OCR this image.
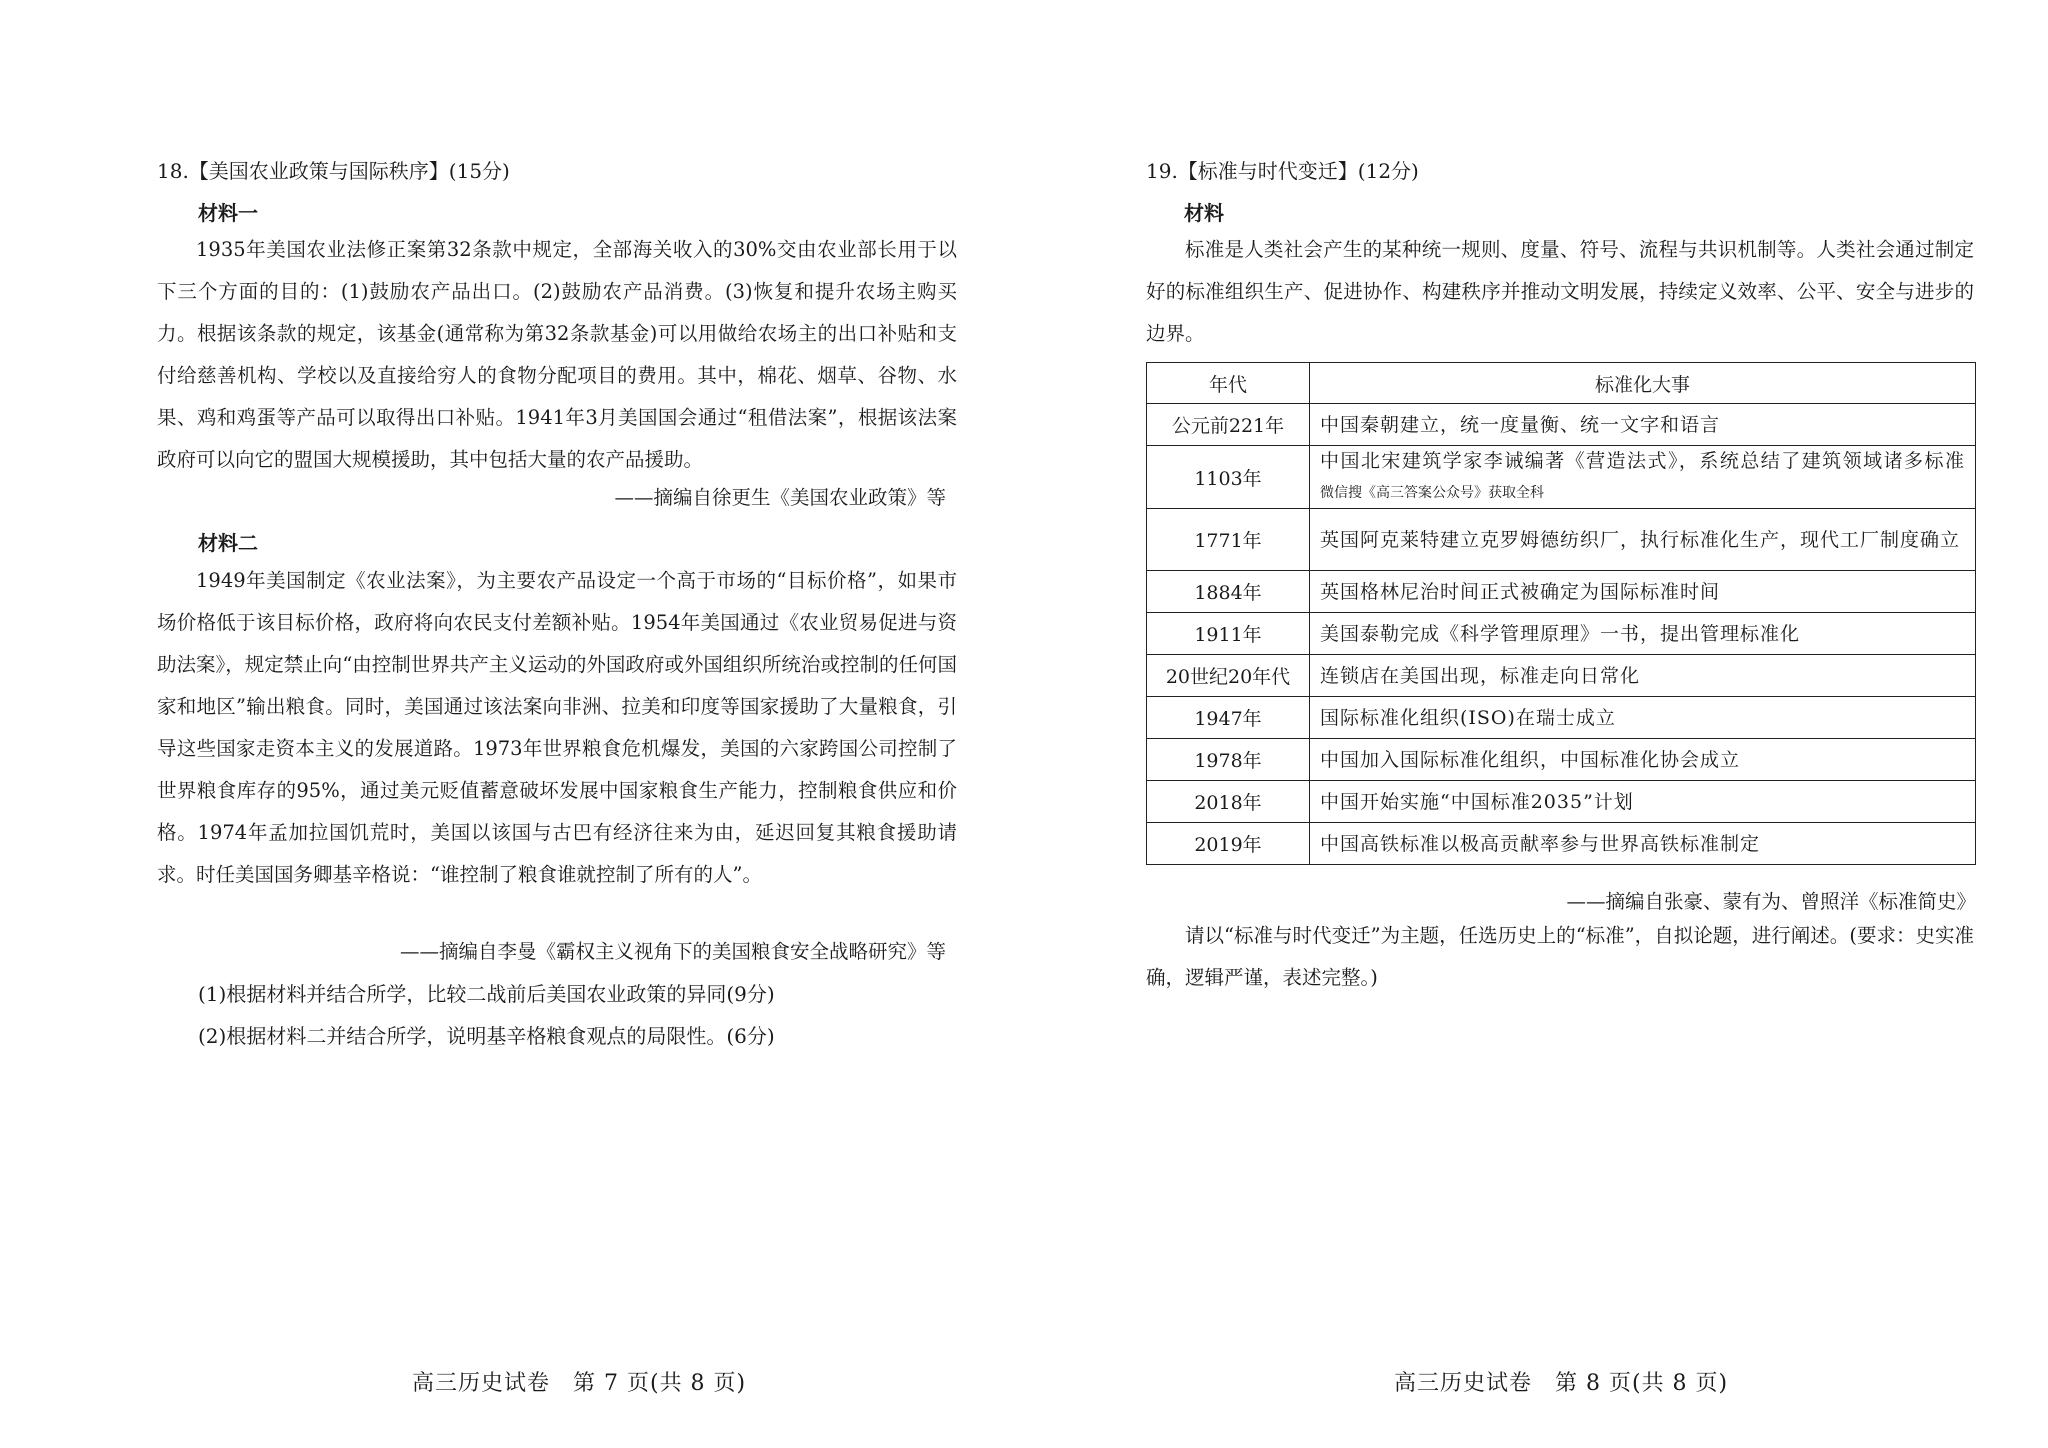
18.【美国农业政策与国际秩序】(15分)
材料一
1935年美国农业法修正案第32条款中规定，全部海关收入的30%交由农业部长用于以下三个方面的目的：(1)鼓励农产品出口。(2)鼓励农产品消费。(3)恢复和提升农场主购买力。根据该条款的规定，该基金(通常称为第32条款基金)可以用做给农场主的出口补贴和支付给慈善机构、学校以及直接给穷人的食物分配项目的费用。其中，棉花、烟草、谷物、水果、鸡和鸡蛋等产品可以取得出口补贴。1941年3月美国国会通过“租借法案”，根据该法案政府可以向它的盟国大规模援助，其中包括大量的农产品援助。
——摘编自徐更生《美国农业政策》等
材料二
1949年美国制定《农业法案》，为主要农产品设定一个高于市场的“目标价格”，如果市场价格低于该目标价格，政府将向农民支付差额补贴。1954年美国通过《农业贸易促进与资助法案》，规定禁止向“由控制世界共产主义运动的外国政府或外国组织所统治或控制的任何国家和地区”输出粮食。同时，美国通过该法案向非洲、拉美和印度等国家援助了大量粮食，引导这些国家走资本主义的发展道路。1973年世界粮食危机爆发，美国的六家跨国公司控制了世界粮食库存的95%，通过美元贬值蓄意破坏发展中国家粮食生产能力，控制粮食供应和价格。1974年孟加拉国饥荒时，美国以该国与古巴有经济往来为由，延迟回复其粮食援助请求。时任美国国务卿基辛格说：“谁控制了粮食谁就控制了所有的人”。
——摘编自李曼《霸权主义视角下的美国粮食安全战略研究》等
(1)根据材料并结合所学，比较二战前后美国农业政策的异同(9分)
(2)根据材料二并结合所学，说明基辛格粮食观点的局限性。(6分)
高三历史试卷　第 7 页(共 8 页)
19.【标准与时代变迁】(12分)
材料
标准是人类社会产生的某种统一规则、度量、符号、流程与共识机制等。人类社会通过制定好的标准组织生产、促进协作、构建秩序并推动文明发展，持续定义效率、公平、安全与进步的边界。
年代	标准化大事
公元前221年	中国秦朝建立，统一度量衡、统一文字和语言
1103年	中国北宋建筑学家李诫编著《营造法式》，系统总结了建筑领域诸多标准 微信搜《高三答案公众号》获取全科
1771年	英国阿克莱特建立克罗姆德纺织厂，执行标准化生产，现代工厂制度确立
1884年	英国格林尼治时间正式被确定为国际标准时间
1911年	美国泰勒完成《科学管理原理》一书，提出管理标准化
20世纪20年代	连锁店在美国出现，标准走向日常化
1947年	国际标准化组织(ISO)在瑞士成立
1978年	中国加入国际标准化组织，中国标准化协会成立
2018年	中国开始实施“中国标准2035”计划
2019年	中国高铁标准以极高贡献率参与世界高铁标准制定
——摘编自张豪、蒙有为、曾照洋《标准简史》
请以“标准与时代变迁”为主题，任选历史上的“标准”，自拟论题，进行阐述。(要求：史实准确，逻辑严谨，表述完整。)
高三历史试卷　第 8 页(共 8 页)
